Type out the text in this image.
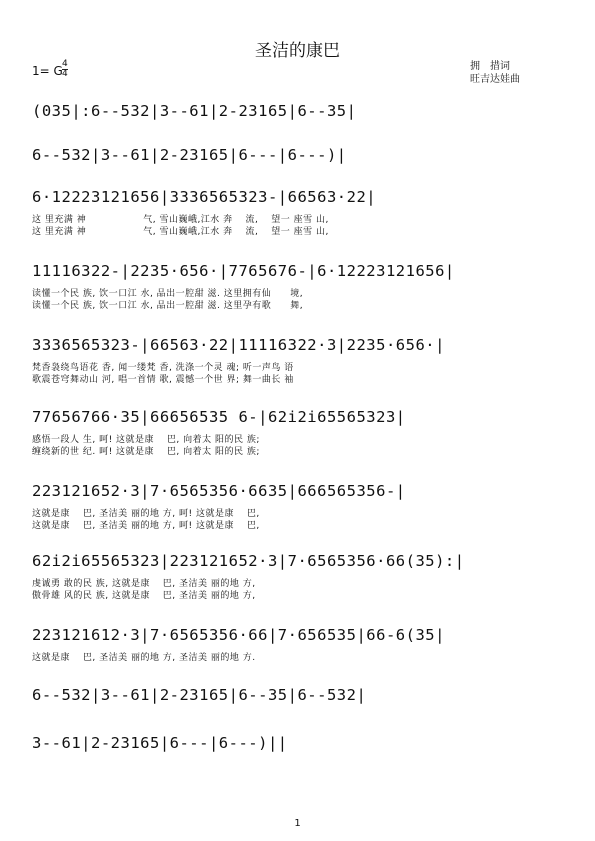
圣洁的康巴
拥　措词
旺吉达娃曲
1= G 4
4
(035|:6--532|3--61|2-23165|6--35|
6--532|3--61|2-23165|6---|6---)|
6·12223121656|3336565323-|66563·22|
这 里充满 神　　　　　　气, 雪山巍峨,江水 奔　 流, 　望一 座雪 山,
这 里充满 神　　　　　　气, 雪山巍峨,江水 奔　 流, 　望一 座雪 山,
11116322-|2235·656·|7765676-|6·12223121656|
读懂一个民 族, 饮一口江 水, 品出一腔甜 滋. 这里拥有仙　　境,
读懂一个民 族, 饮一口江 水, 品出一腔甜 滋. 这里孕有歌　　舞,
3336565323-|66563·22|11116322·3|2235·656·|
梵香袅绕鸟语花 香, 闻一缕梵 香, 洗涤一个灵 魂; 听一声鸟 语
歌震苍穹舞动山 河, 唱一首情 歌, 震憾一个世 界; 舞一曲长 袖
77656766·35|66656535 6-|62i2i65565323|
感悟一段人 生, 呵! 这就是康　 巴, 向着太 阳的民 族;
缠绕新的世 纪. 呵! 这就是康　 巴, 向着太 阳的民 族;
223121652·3|7·6565356·6635|666565356-|
这就是康　 巴, 圣洁美 丽的地 方, 呵! 这就是康　 巴,
这就是康　 巴, 圣洁美 丽的地 方, 呵! 这就是康　 巴,
62i2i65565323|223121652·3|7·6565356·66(35):|
虔诚勇 敢的民 族, 这就是康　 巴, 圣洁美 丽的地 方,
傲骨雄 风的民 族, 这就是康　 巴, 圣洁美 丽的地 方,
223121612·3|7·6565356·66|7·656535|66-6(35|
这就是康　 巴, 圣洁美 丽的地 方, 圣洁美 丽的地 方.
6--532|3--61|2-23165|6--35|6--532|
3--61|2-23165|6---|6---)||
1
